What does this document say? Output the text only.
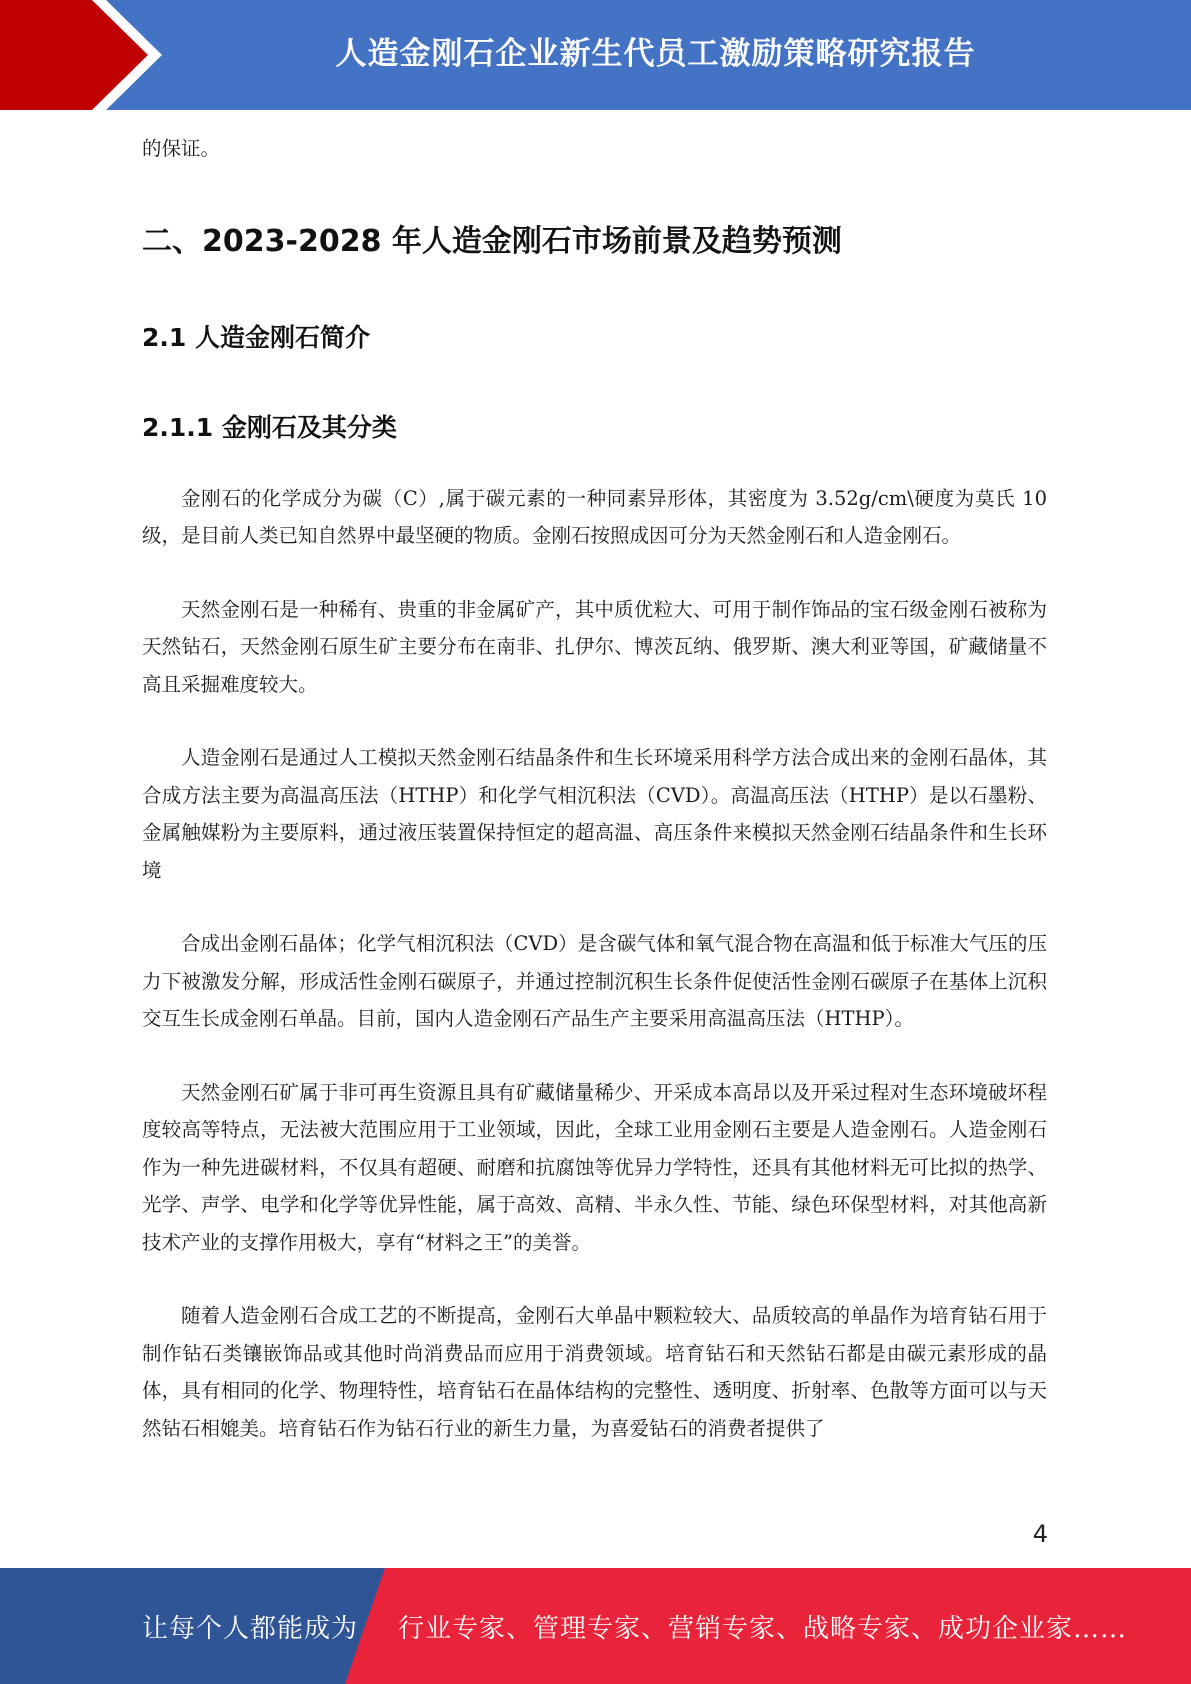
人造金刚石企业新生代员工激励策略研究报告

的保证。

二、2023-2028 年人造金刚石市场前景及趋势预测
2.1 人造金刚石简介
2.1.1 金刚石及其分类

金刚石的化学成分为碳（C）,属于碳元素的一种同素异形体，其密度为 3.52g/cm\硬度为莫氏 10 级，是目前人类已知自然界中最坚硬的物质。金刚石按照成因可分为天然金刚石和人造金刚石。

天然金刚石是一种稀有、贵重的非金属矿产，其中质优粒大、可用于制作饰品的宝石级金刚石被称为天然钻石，天然金刚石原生矿主要分布在南非、扎伊尔、博茨瓦纳、俄罗斯、澳大利亚等国，矿藏储量不高且采掘难度较大。

人造金刚石是通过人工模拟天然金刚石结晶条件和生长环境采用科学方法合成出来的金刚石晶体，其合成方法主要为高温高压法（HTHP）和化学气相沉积法（CVD）。高温高压法（HTHP）是以石墨粉、金属触媒粉为主要原料，通过液压装置保持恒定的超高温、高压条件来模拟天然金刚石结晶条件和生长环境

合成出金刚石晶体；化学气相沉积法（CVD）是含碳气体和氧气混合物在高温和低于标准大气压的压力下被激发分解，形成活性金刚石碳原子，并通过控制沉积生长条件促使活性金刚石碳原子在基体上沉积交互生长成金刚石单晶。目前，国内人造金刚石产品生产主要采用高温高压法（HTHP）。

天然金刚石矿属于非可再生资源且具有矿藏储量稀少、开采成本高昂以及开采过程对生态环境破坏程度较高等特点，无法被大范围应用于工业领域，因此，全球工业用金刚石主要是人造金刚石。人造金刚石作为一种先进碳材料，不仅具有超硬、耐磨和抗腐蚀等优异力学特性，还具有其他材料无可比拟的热学、光学、声学、电学和化学等优异性能，属于高效、高精、半永久性、节能、绿色环保型材料，对其他高新技术产业的支撑作用极大，享有“材料之王”的美誉。

随着人造金刚石合成工艺的不断提高，金刚石大单晶中颗粒较大、品质较高的单晶作为培育钻石用于制作钻石类镶嵌饰品或其他时尚消费品而应用于消费领域。培育钻石和天然钻石都是由碳元素形成的晶体，具有相同的化学、物理特性，培育钻石在晶体结构的完整性、透明度、折射率、色散等方面可以与天然钻石相媲美。培育钻石作为钻石行业的新生力量，为喜爱钻石的消费者提供了

4
让每个人都能成为 行业专家、管理专家、营销专家、战略专家、成功企业家……
